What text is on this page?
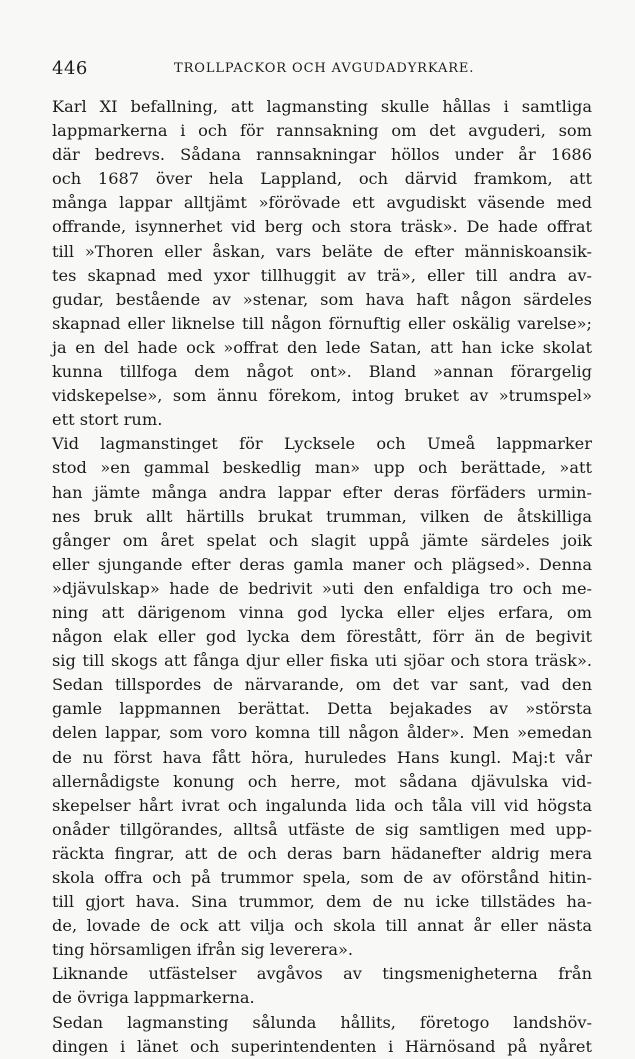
446	TROLLPACKOR OCH AVGUDADYRKARE.
Karl XI befallning, att lagmansting skulle hållas i samtliga
lappmarkerna i och för rannsakning om det avguderi, som
där bedrevs. Sådana rannsakningar höllos under år 1686
och 1687 över hela Lappland, och därvid framkom, att
många lappar alltjämt »förövade ett avgudiskt väsende med
offrande, isynnerhet vid berg och stora träsk». De hade offrat
till »Thoren eller åskan, vars beläte de efter människoansik-
tes skapnad med yxor tillhuggit av trä», eller till andra av-
gudar, bestående av »stenar, som hava haft någon särdeles
skapnad eller liknelse till någon förnuftig eller oskälig varelse»;
ja en del hade ock »offrat den lede Satan, att han icke skolat
kunna tillfoga dem något ont». Bland »annan förargelig
vidskepelse», som ännu förekom, intog bruket av »trumspel»
ett stort rum.
Vid lagmanstinget för Lycksele och Umeå lappmarker
stod »en gammal beskedlig man» upp och berättade, »att
han jämte många andra lappar efter deras förfäders urmin-
nes bruk allt härtills brukat trumman, vilken de åtskilliga
gånger om året spelat och slagit uppå jämte särdeles joik
eller sjungande efter deras gamla maner och plägsed». Denna
»djävulskap» hade de bedrivit »uti den enfaldiga tro och me-
ning att därigenom vinna god lycka eller eljes erfara, om
någon elak eller god lycka dem förestått, förr än de begivit
sig till skogs att fånga djur eller fiska uti sjöar och stora träsk».
Sedan tillspordes de närvarande, om det var sant, vad den
gamle lappmannen berättat. Detta bejakades av »största
delen lappar, som voro komna till någon ålder». Men »emedan
de nu först hava fått höra, huruledes Hans kungl. Maj:t vår
allernådigste konung och herre, mot sådana djävulska vid-
skepelser hårt ivrat och ingalunda lida och tåla vill vid högsta
onåder tillgörandes, alltså utfäste de sig samtligen med upp-
räckta fingrar, att de och deras barn hädanefter aldrig mera
skola offra och på trummor spela, som de av oförstånd hitin-
till gjort hava. Sina trummor, dem de nu icke tillstädes ha-
de, lovade de ock att vilja och skola till annat år eller nästa
ting hörsamligen ifrån sig leverera».
Liknande utfästelser avgåvos av tingsmenigheterna från
de övriga lappmarkerna.
Sedan lagmansting sålunda hållits, företogo landshöv-
dingen i länet och superintendenten i Härnösand på nyåret
